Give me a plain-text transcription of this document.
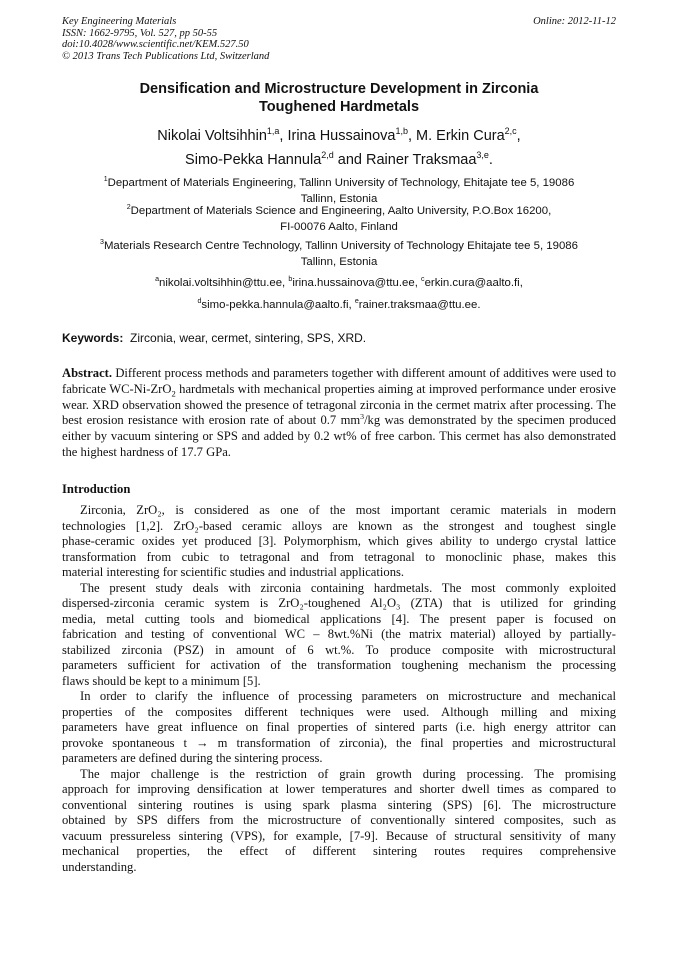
Key Engineering Materials
ISSN: 1662-9795, Vol. 527, pp 50-55
doi:10.4028/www.scientific.net/KEM.527.50
© 2013 Trans Tech Publications Ltd, Switzerland
Online: 2012-11-12
Densification and Microstructure Development in Zirconia
Toughened Hardmetals
Nikolai Voltsihhin$^{1,a}$, Irina Hussainova$^{1,b}$, M. Erkin Cura$^{2,c}$,
Simo-Pekka Hannula$^{2,d}$ and Rainer Traksmaa$^{3,e}$.
$^1$Department of Materials Engineering, Tallinn University of Technology, Ehitajate tee 5, 19086
Tallinn, Estonia
$^2$Department of Materials Science and Engineering, Aalto University, P.O.Box 16200,
FI-00076 Aalto, Finland
$^3$Materials Research Centre Technology, Tallinn University of Technology Ehitajate tee 5, 19086
Tallinn, Estonia
$^a$nikolai.voltsihhin@ttu.ee, $^b$irina.hussainova@ttu.ee, $^c$erkin.cura@aalto.fi,
$^d$simo-pekka.hannula@aalto.fi, $^e$rainer.traksmaa@ttu.ee.
Keywords: Zirconia, wear, cermet, sintering, SPS, XRD.
Abstract. Different process methods and parameters together with different amount of additives were used to fabricate WC-Ni-ZrO$_2$ hardmetals with mechanical properties aiming at improved performance under erosive wear. XRD observation showed the presence of tetragonal zirconia in the cermet matrix after processing. The best erosion resistance with erosion rate of about 0.7 $mm^3/kg$ was demonstrated by the specimen produced either by vacuum sintering or SPS and added by 0.2 wt% of free carbon. This cermet has also demonstrated the highest hardness of 17.7 GPa.
Introduction
Zirconia, ZrO₂, is considered as one of the most important ceramic materials in modern
technologies [1,2]. ZrO₂-based ceramic alloys are known as the strongest and toughest single
phase-ceramic oxides yet produced [3]. Polymorphism, which gives ability to undergo crystal lattice
transformation from cubic to tetragonal and from tetragonal to monoclinic phase, makes this
material interesting for scientific studies and industrial applications.
The present study deals with zirconia containing hardmetals. The most commonly exploited
dispersed-zirconia ceramic system is ZrO₂-toughened Al₂O₃ (ZTA) that is utilized for grinding
media, metal cutting tools and biomedical applications [4]. The present paper is focused on
fabrication and testing of conventional WC – 8wt.%Ni (the matrix material) alloyed by partially-
stabilized zirconia (PSZ) in amount of 6 wt.%. To produce composite with microstructural
parameters sufficient for activation of the transformation toughening mechanism the processing
flaws should be kept to a minimum [5].
In order to clarify the influence of processing parameters on microstructure and mechanical
properties of the composites different techniques were used. Although milling and mixing
parameters have great influence on final properties of sintered parts (i.e. high energy attritor can
provoke spontaneous t → m transformation of zirconia), the final properties and microstructural
parameters are defined during the sintering process.
The major challenge is the restriction of grain growth during processing. The promising
approach for improving densification at lower temperatures and shorter dwell times as compared to
conventional sintering routines is using spark plasma sintering (SPS) [6]. The microstructure
obtained by SPS differs from the microstructure of conventionally sintered composites, such as
vacuum pressureless sintering (VPS), for example, [7-9]. Because of structural sensitivity of many
mechanical properties, the effect of different sintering routes requires comprehensive
understanding.
